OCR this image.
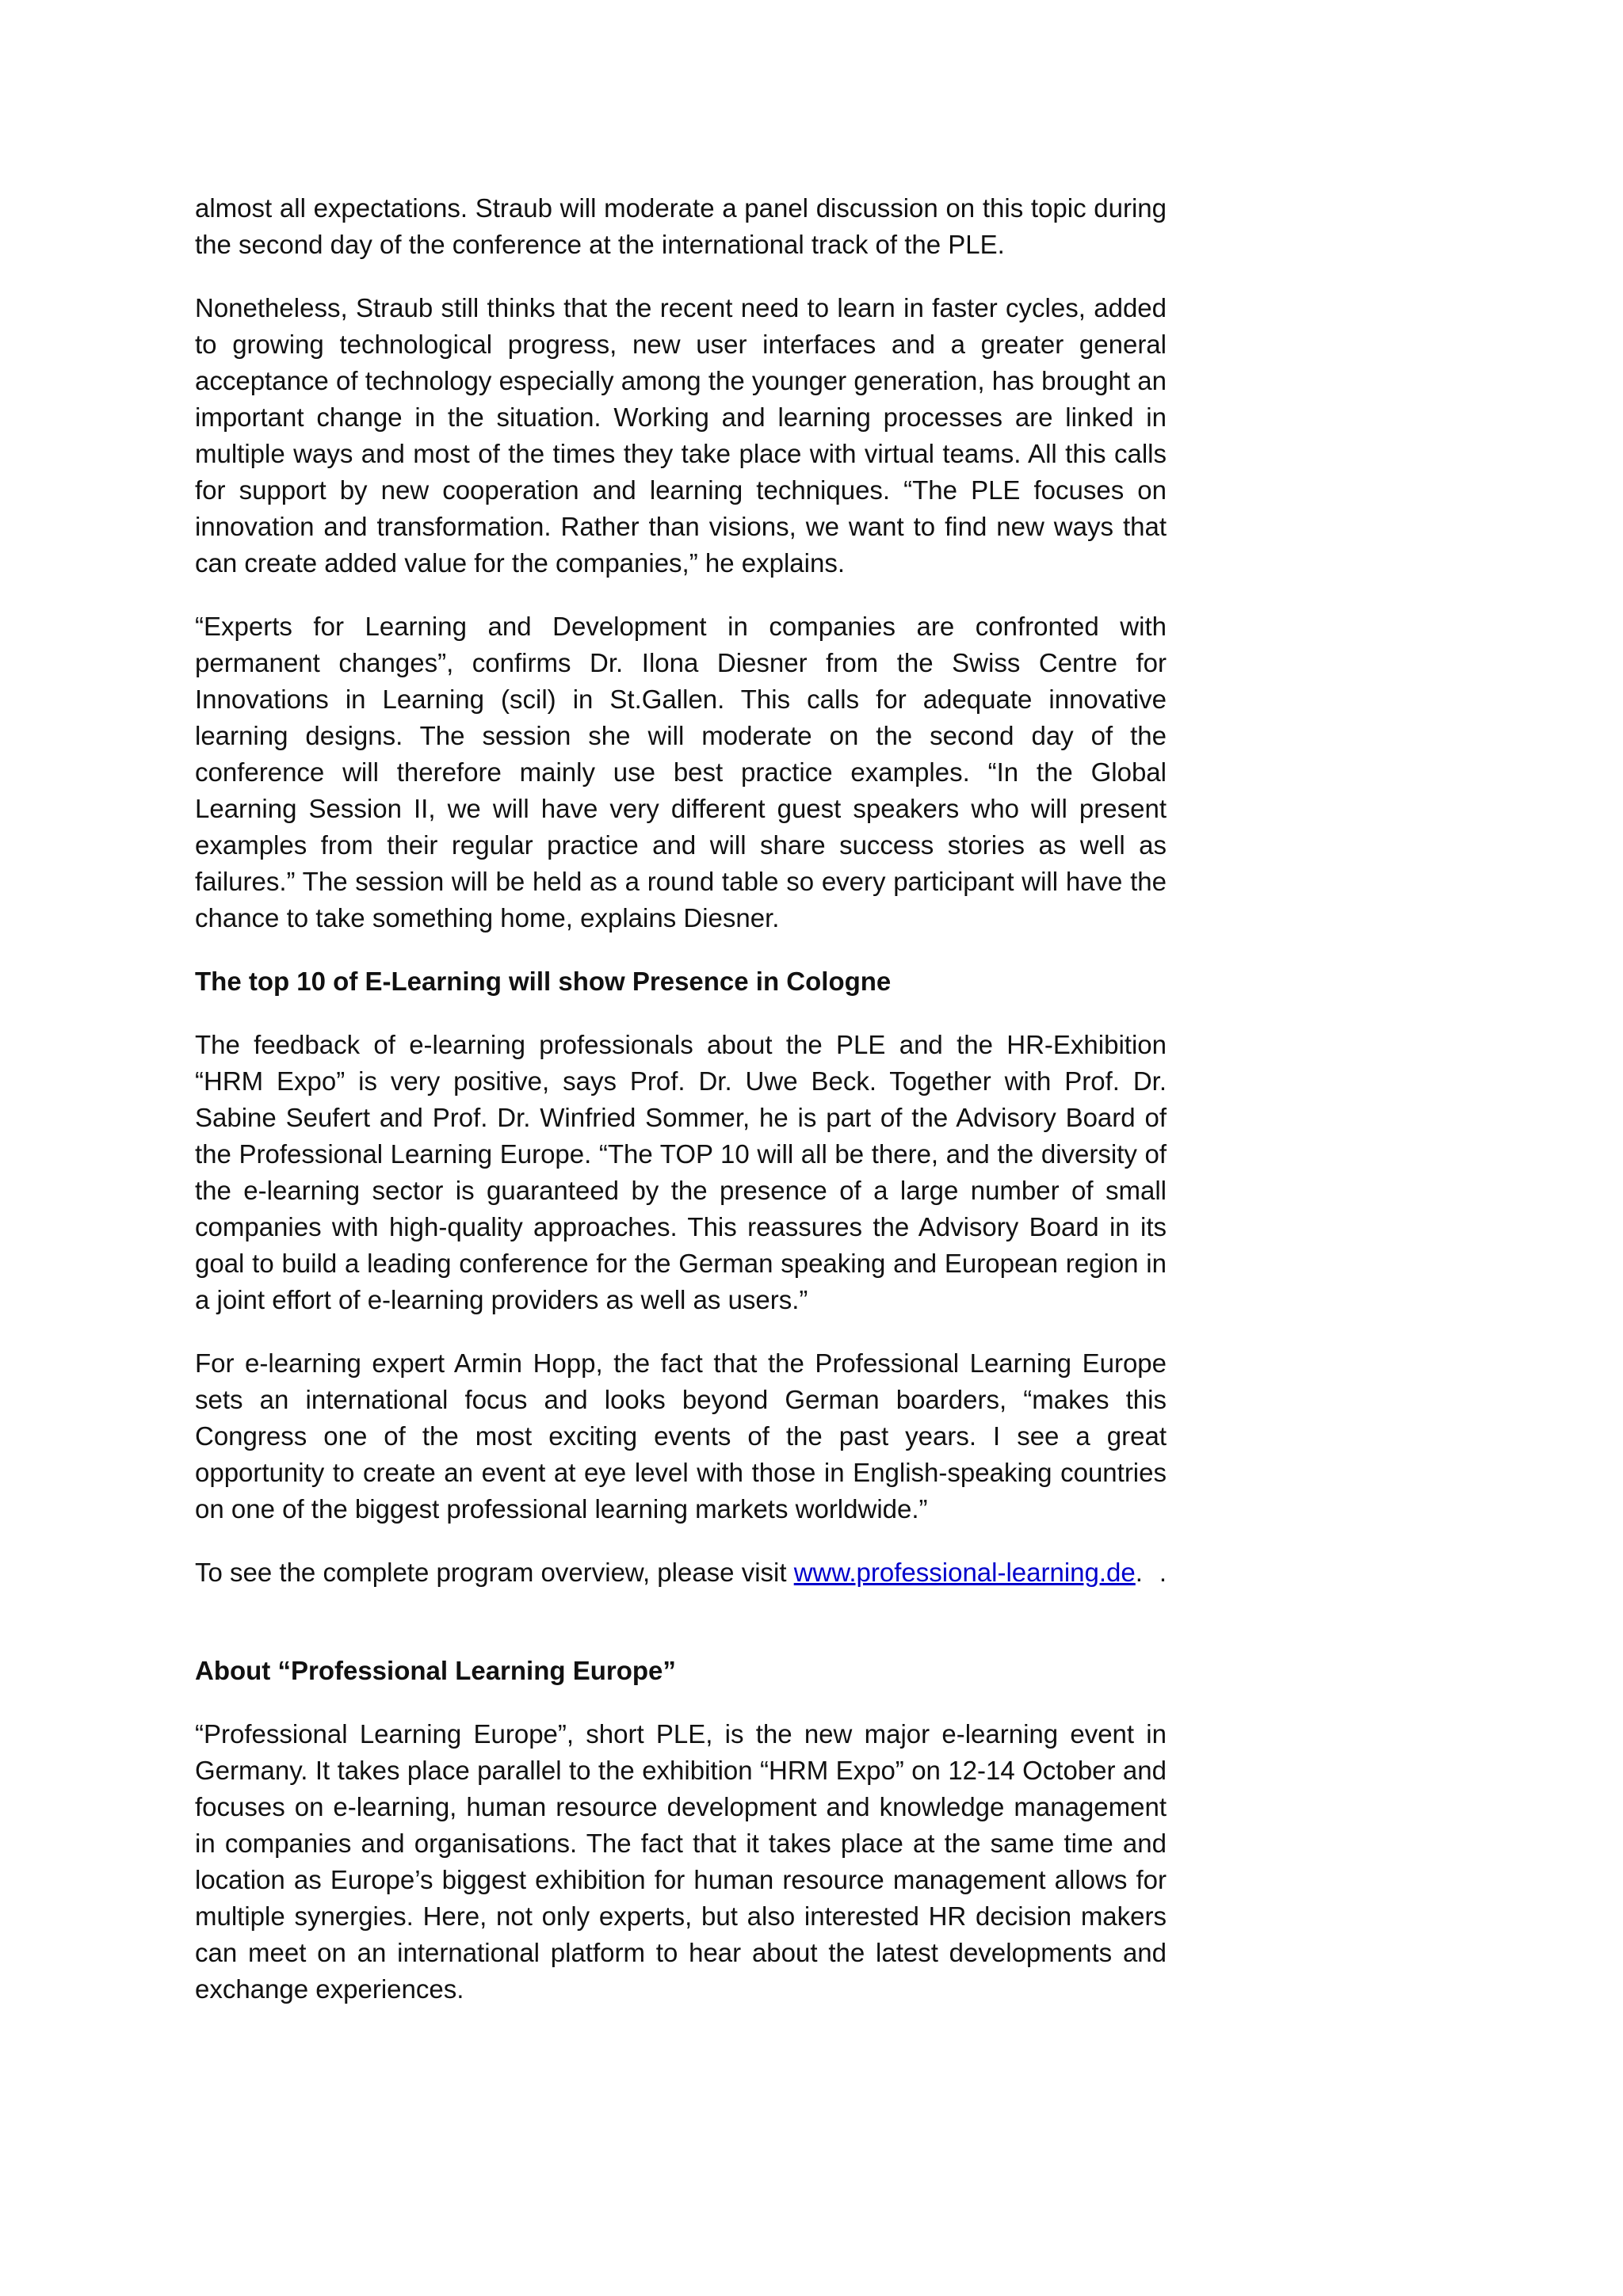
almost all expectations. Straub will moderate a panel discussion on this topic during the second day of the conference at the international track of the PLE.

Nonetheless, Straub still thinks that the recent need to learn in faster cycles, added to growing technological progress, new user interfaces and a greater general acceptance of technology especially among the younger generation, has brought an important change in the situation. Working and learning processes are linked in multiple ways and most of the times they take place with virtual teams. All this calls for support by new cooperation and learning techniques. “The PLE focuses on innovation and transformation. Rather than visions, we want to find new ways that can create added value for the companies,” he explains.

“Experts for Learning and Development in companies are confronted with permanent changes”, confirms Dr. Ilona Diesner from the Swiss Centre for Innovations in Learning (scil) in St.Gallen. This calls for adequate innovative learning designs. The session she will moderate on the second day of the conference will therefore mainly use best practice examples. “In the Global Learning Session II, we will have very different guest speakers who will present examples from their regular practice and will share success stories as well as failures.” The session will be held as a round table so every participant will have the chance to take something home, explains Diesner.

The top 10 of E-Learning will show Presence in Cologne

The feedback of e-learning professionals about the PLE and the HR-Exhibition “HRM Expo” is very positive, says Prof. Dr. Uwe Beck. Together with Prof. Dr. Sabine Seufert and Prof. Dr. Winfried Sommer, he is part of the Advisory Board of the Professional Learning Europe. “The TOP 10 will all be there, and the diversity of the e-learning sector is guaranteed by the presence of a large number of small companies with high-quality approaches. This reassures the Advisory Board in its goal to build a leading conference for the German speaking and European region in a joint effort of e-learning providers as well as users.”

For e-learning expert Armin Hopp, the fact that the Professional Learning Europe sets an international focus and looks beyond German boarders, “makes this Congress one of the most exciting events of the past years. I see a great opportunity to create an event at eye level with those in English-speaking countries on one of the biggest professional learning markets worldwide.”

To see the complete program overview, please visit www.professional-learning.de. .

About “Professional Learning Europe”

“Professional Learning Europe”, short PLE, is the new major e-learning event in Germany. It takes place parallel to the exhibition “HRM Expo” on 12-14 October and focuses on e-learning, human resource development and knowledge management in companies and organisations. The fact that it takes place at the same time and location as Europe’s biggest exhibition for human resource management allows for multiple synergies. Here, not only experts, but also interested HR decision makers can meet on an international platform to hear about the latest developments and exchange experiences.
